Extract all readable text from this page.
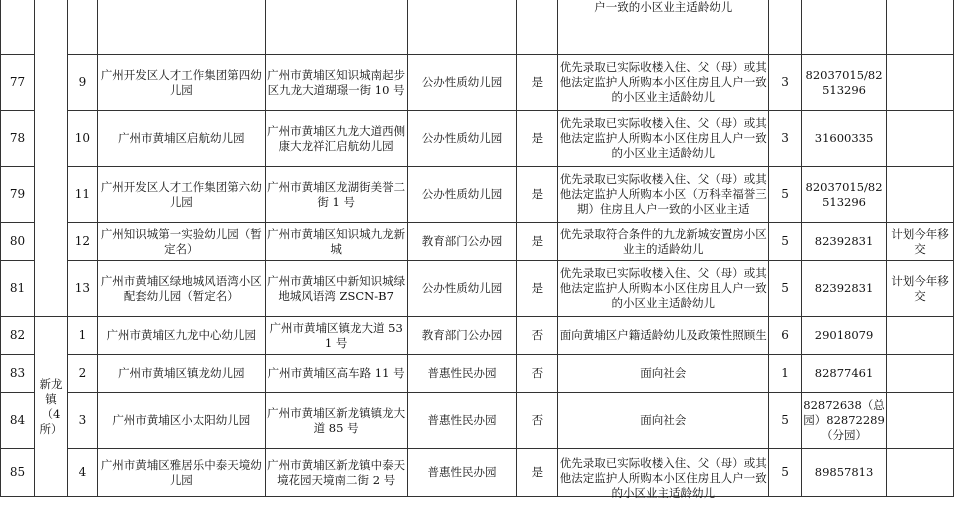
							户一致的小区业主适龄幼儿			

77		9	广州开发区人才工作集团第四幼儿园	广州市黄埔区知识城南起步区九龙大道瑚璟一街 10 号	公办性质幼儿园	是	优先录取已实际收楼入住、父（母）或其他法定监护人所购本小区住房且人户一致的小区业主适龄幼儿	3	82037015/82513296	
78		10	广州市黄埔区启航幼儿园	广州市黄埔区九龙大道西侧康大龙祥汇启航幼儿园	公办性质幼儿园	是	优先录取已实际收楼入住、父（母）或其他法定监护人所购本小区住房且人户一致的小区业主适龄幼儿	3	31600335	
79		11	广州开发区人才工作集团第六幼儿园	广州市黄埔区龙湖街美誉二街 1 号	公办性质幼儿园	是	优先录取已实际收楼入住、父（母）或其他法定监护人所购本小区（万科幸福誉三期）住房且人户一致的小区业主适	5	82037015/82513296	
80		12	广州知识城第一实验幼儿园（暂定名）	广州市黄埔区知识城九龙新城	教育部门公办园	是	优先录取符合条件的九龙新城安置房小区业主的适龄幼儿	5	82392831	计划今年移交
81		13	广州市黄埔区绿地城风语湾小区配套幼儿园（暂定名）	广州市黄埔区中新知识城绿地城风语湾 ZSCN-B7	公办性质幼儿园	是	优先录取已实际收楼入住、父（母）或其他法定监护人所购本小区住房且人户一致的小区业主适龄幼儿	5	82392831	计划今年移交
82	新龙镇（4所）	1	广州市黄埔区九龙中心幼儿园	广州市黄埔区镇龙大道 531 号	教育部门公办园	否	面向黄埔区户籍适龄幼儿及政策性照顾生	6	29018079	
83		2	广州市黄埔区镇龙幼儿园	广州市黄埔区高车路 11 号	普惠性民办园	否	面向社会	1	82877461	
84		3	广州市黄埔区小太阳幼儿园	广州市黄埔区新龙镇镇龙大道 85 号	普惠性民办园	否	面向社会	5	82872638（总园）82872289（分园）	
85		4	广州市黄埔区雅居乐中泰天境幼儿园	广州市黄埔区新龙镇中泰天境花园天境南二街 2 号	普惠性民办园	是	优先录取已实际收楼入住、父（母）或其他法定监护人所购本小区住房且人户一致的小区业主适龄幼儿	5	89857813	
